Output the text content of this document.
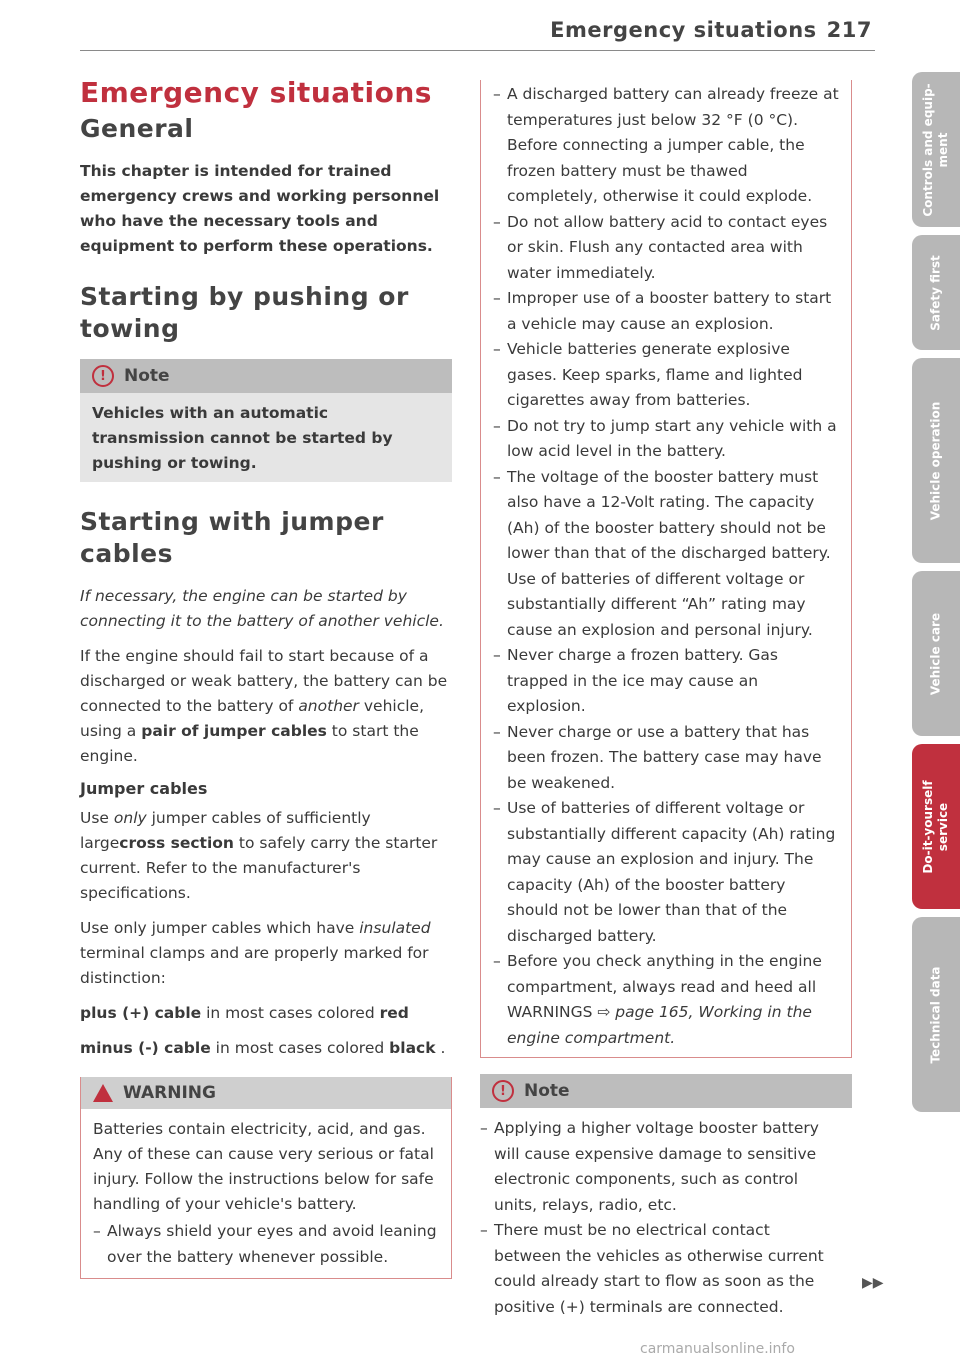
Emergency situations 217
Emergency situations
General

This chapter is intended for trained emergency crews and working personnel who have the necessary tools and equipment to perform these operations.

Starting by pushing or towing
!	Note

Vehicles with an automatic transmission cannot be started by pushing or towing.

Starting with jumper cables

If necessary, the engine can be started by connecting it to the battery of another vehicle.

If the engine should fail to start because of a discharged or weak battery, the battery can be connected to the battery of another vehicle, using a pair of jumper cables to start the engine.

Jumper cables

Use only jumper cables of sufficiently largecross section to safely carry the starter current. Refer to the manufacturer's specifications.

Use only jumper cables which have insulated terminal clamps and are properly marked for distinction:

plus (+) cable in most cases colored red

minus (-) cable in most cases colored black .

WARNING

Batteries contain electricity, acid, and gas. Any of these can cause very serious or fatal injury. Follow the instructions below for safe handling of your vehicle's battery.

– Always shield your eyes and avoid leaning over the battery whenever possible.
– A discharged battery can already freeze at temperatures just below 32 °F (0 °C). Before connecting a jumper cable, the frozen battery must be thawed completely, otherwise it could explode.
– Do not allow battery acid to contact eyes or skin. Flush any contacted area with water immediately.
– Improper use of a booster battery to start a vehicle may cause an explosion.
– Vehicle batteries generate explosive gases. Keep sparks, flame and lighted cigarettes away from batteries.
– Do not try to jump start any vehicle with a low acid level in the battery.
– The voltage of the booster battery must also have a 12-Volt rating. The capacity (Ah) of the booster battery should not be lower than that of the discharged battery. Use of batteries of different voltage or substantially different “Ah” rating may cause an explosion and personal injury.
– Never charge a frozen battery. Gas trapped in the ice may cause an explosion.
– Never charge or use a battery that has been frozen. The battery case may have be weakened.
– Use of batteries of different voltage or substantially different capacity (Ah) rating may cause an explosion and injury. The capacity (Ah) of the booster battery should not be lower than that of the discharged battery.
– Before you check anything in the engine compartment, always read and heed all WARNINGS ⇨ page 165, Working in the engine compartment.
!	Note
– Applying a higher voltage booster battery will cause expensive damage to sensitive electronic components, such as control units, relays, radio, etc.
– There must be no electrical contact between the vehicles as otherwise current could already start to flow as soon as the positive (+) terminals are connected.
▶▶
Controls and equip-
ment
Safety first
Vehicle operation
Vehicle care
Do-it-yourself
service
Technical data
carmanualsonline.info
